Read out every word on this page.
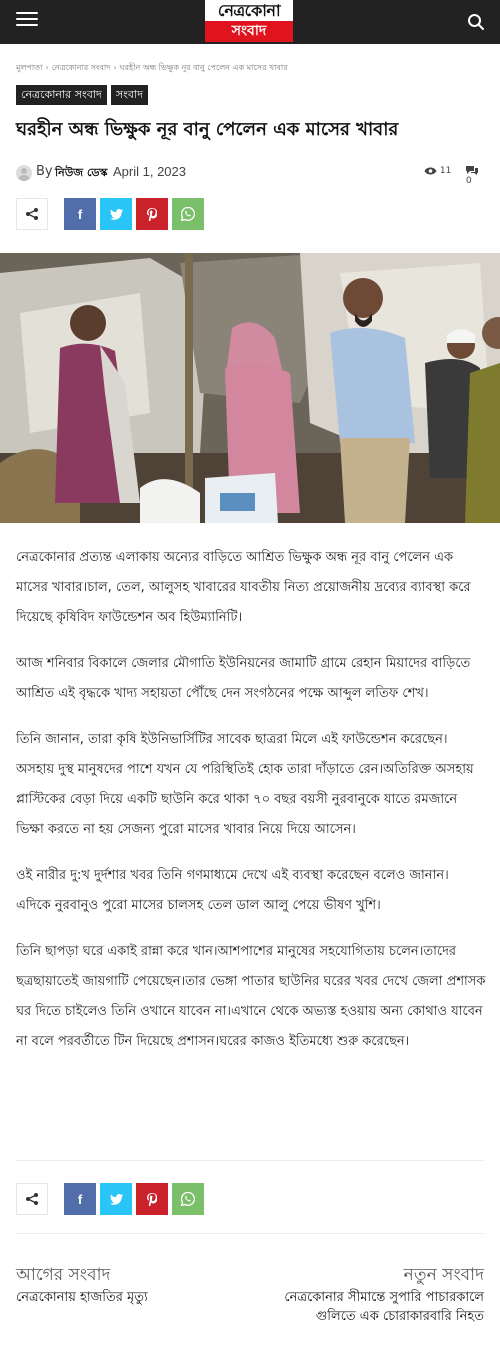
নেত্রকোনা
সংবাদ
মূলপাতা › নেত্রকোনার সংবাদ › ঘরহীন অন্ধ ভিক্ষুক নূর বানু পেলেন এক মাসের খাবার
নেত্রকোনার সংবাদ	সংবাদ
ঘরহীন অন্ধ ভিক্ষুক নূর বানু পেলেন এক মাসের খাবার
By নিউজ ডেস্ক April 1, 2023	11
0
f

নেত্রকোনার প্রত্যন্ত এলাকায় অন্যের বাড়িতে আশ্রিত ভিক্ষুক অন্ধ নূর বানু পেলেন এক মাসের খাবার।চাল, তেল, আলুসহ খাবারের যাবতীয় নিত্য প্রয়োজনীয় দ্রব্যের ব্যাবস্থা করে দিয়েছে কৃষিবিদ ফাউন্ডেশন অব হিউম্যানিটি।

আজ শনিবার বিকালে জেলার মৌগাতি ইউনিয়নের জামাটি গ্রামে রেহান মিয়াদের বাড়িতে আশ্রিত এই বৃদ্ধকে খাদ্য সহায়তা পৌঁছে দেন সংগঠনের পক্ষে আব্দুল লতিফ শেখ।

তিনি জানান, তারা কৃষি ইউনিভার্সিটির সাবেক ছাত্ররা মিলে এই ফাউন্ডেশন করেছেন। অসহায় দুস্থ মানুষদের পাশে যখন যে পরিস্থিতিই হোক তারা দাঁড়াতে রেন।অতিরিক্ত অসহায় প্লাস্টিকের বেড়া দিয়ে একটি ছাউনি করে থাকা ৭০ বছর বয়সী নুরবানুকে যাতে রমজানে ভিক্ষা করতে না হয় সেজন্য পুরো মাসের খাবার নিয়ে দিয়ে আসেন।

ওই নারীর দু:খ দুর্দশার খবর তিনি গণমাধ্যমে দেখে এই ব্যবস্থা করেছেন বলেও জানান। এদিকে নুরবানুও পুরো মাসের চালসহ তেল ডাল আলু পেয়ে ভীষণ খুশি।

তিনি ছাপড়া ঘরে একাই রান্না করে খান।আশপাশের মানুষের সহযোগিতায় চলেন।তাদের ছত্রছায়াতেই জায়গাটি পেয়েছেন।তার ভেঙ্গা পাতার ছাউনির ঘরের খবর দেখে জেলা প্রশাসক ঘর দিতে চাইলেও তিনি ওখানে যাবেন না।এখানে থেকে অভ্যস্ত হওয়ায় অন্য কোথাও যাবেন না বলে পরবর্তীতে টিন দিয়েছে প্রশাসন।ঘরের কাজও ইতিমধ্যে শুরু করেছেন।

f
আগের সংবাদ
নেত্রকোনায় হাজতির মৃত্যু
নতুন সংবাদ
নেত্রকোনার সীমান্তে সুপারি পাচারকালে গুলিতে এক চোরাকারবারি নিহত
